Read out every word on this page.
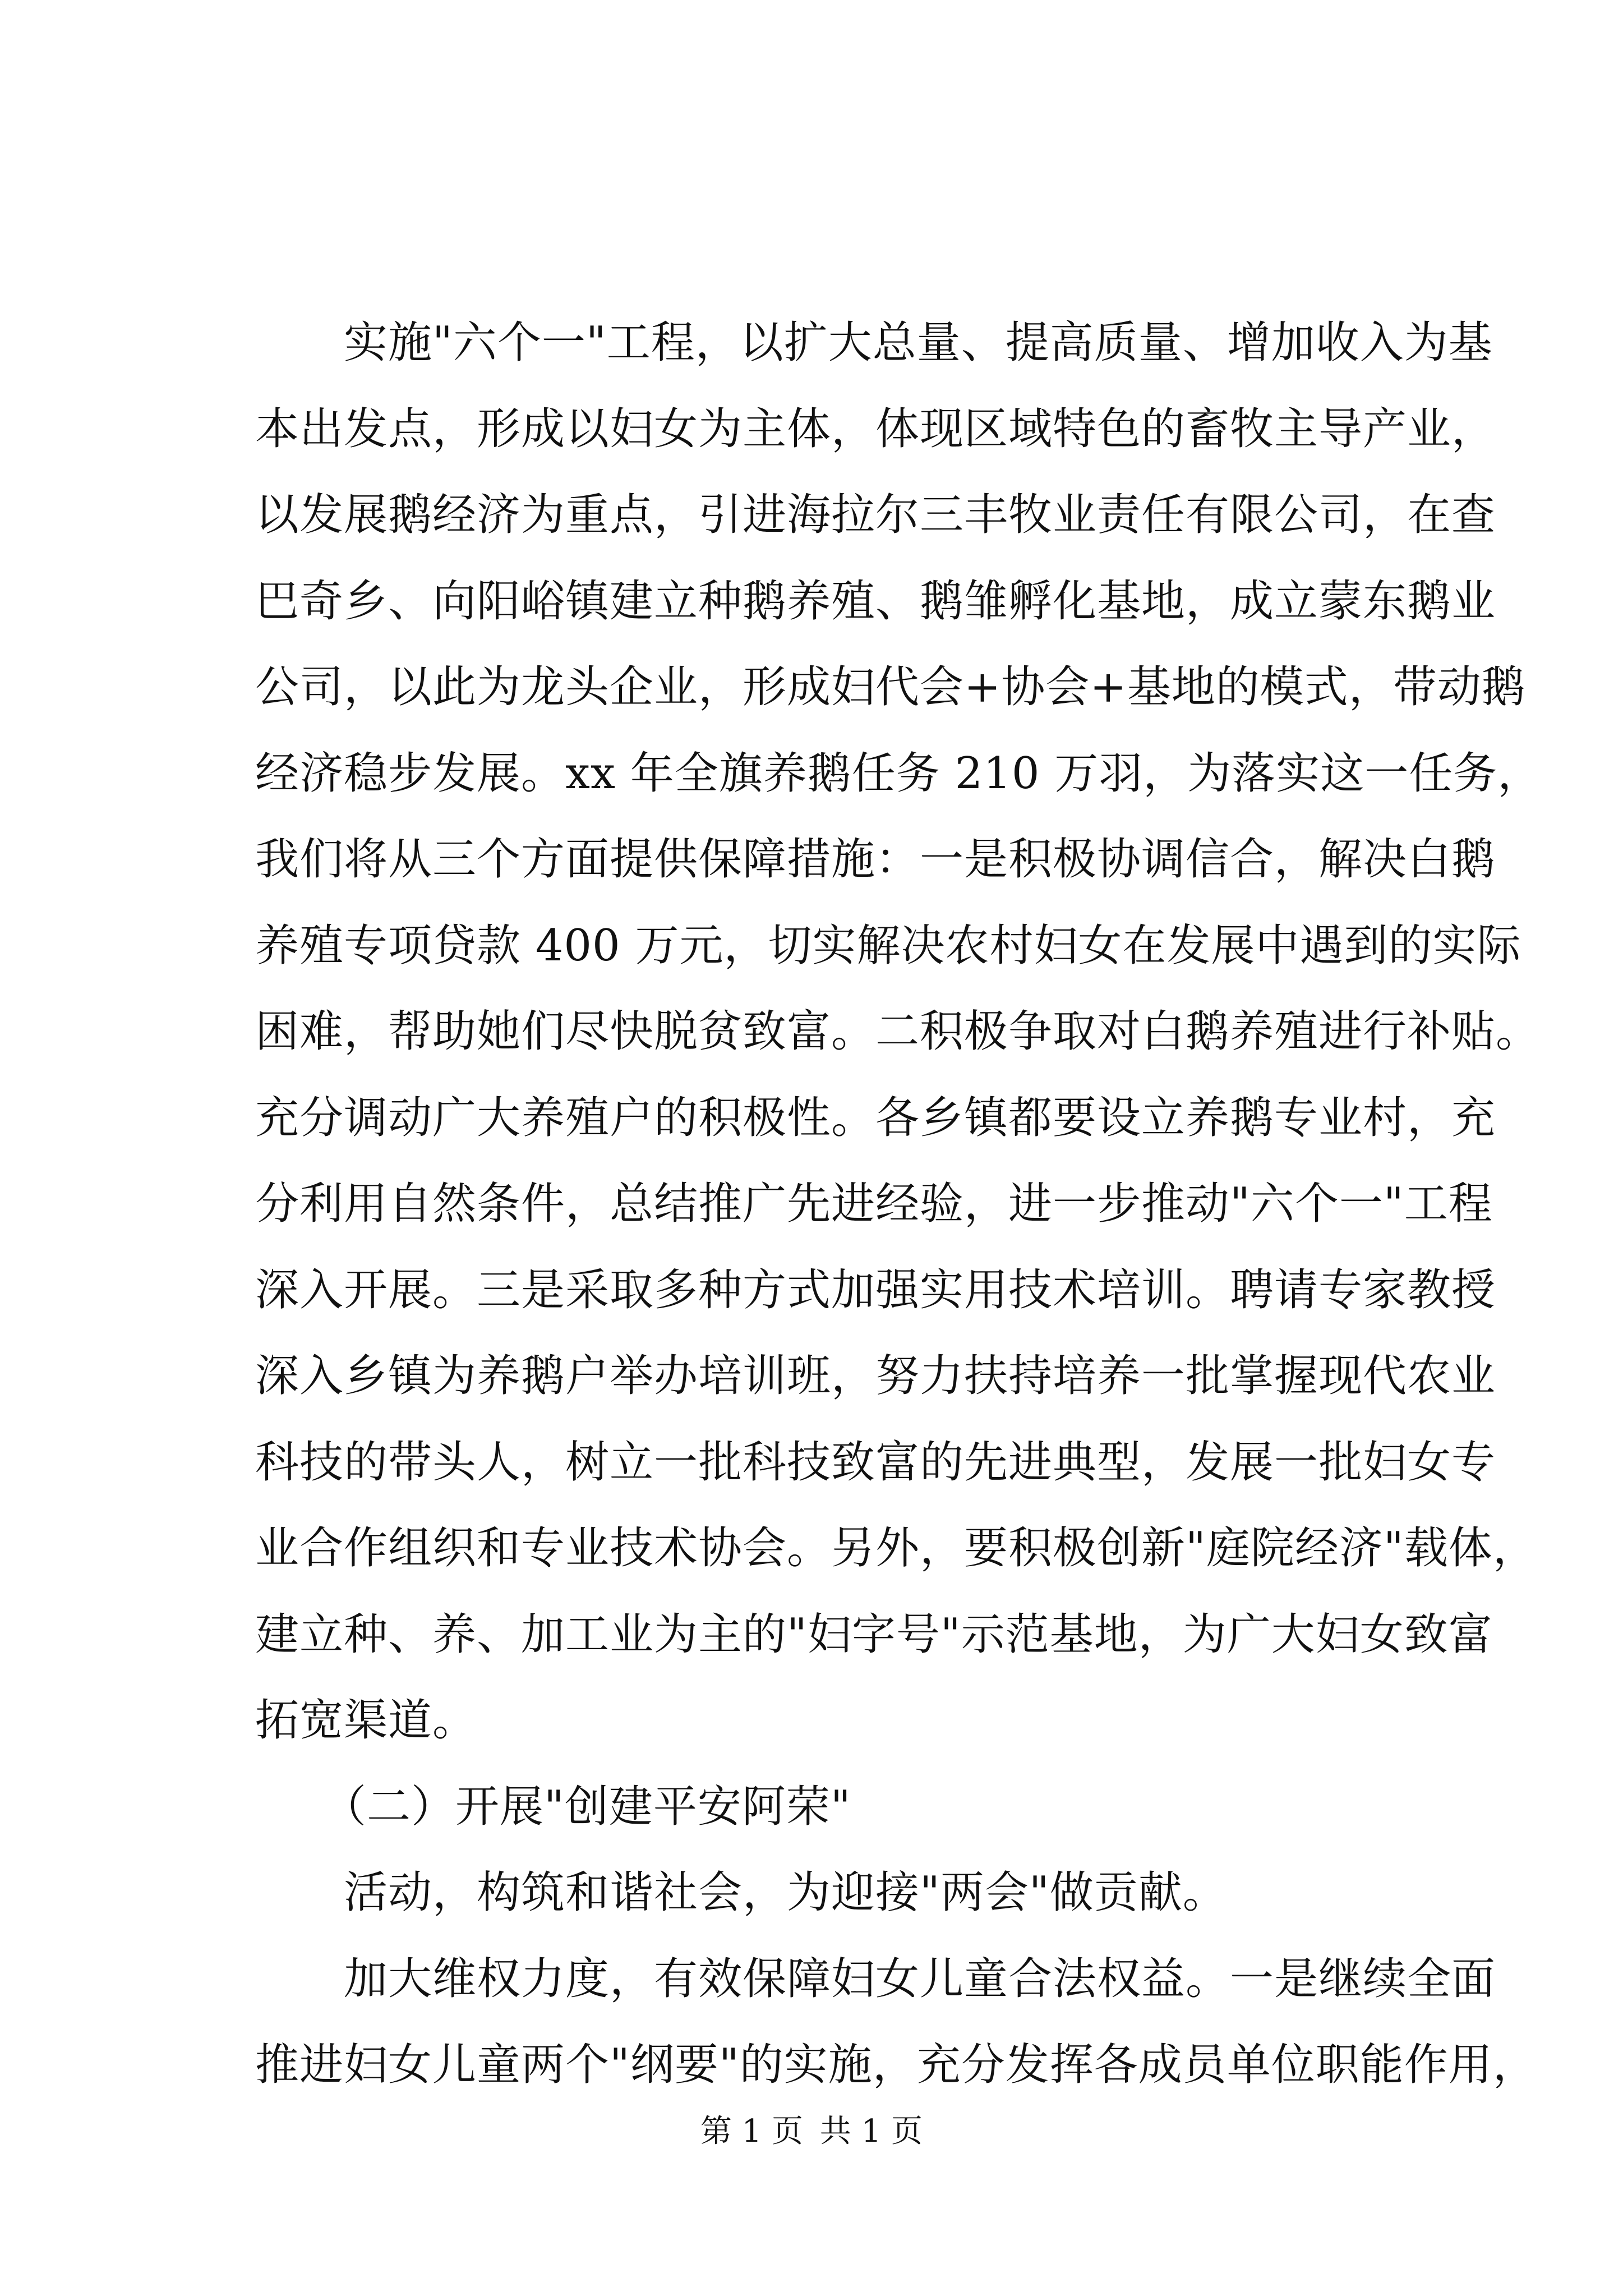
实施"六个一"工程，以扩大总量、提高质量、增加收入为基
本出发点，形成以妇女为主体，体现区域特色的畜牧主导产业，
以发展鹅经济为重点，引进海拉尔三丰牧业责任有限公司，在查
巴奇乡、向阳峪镇建立种鹅养殖、鹅雏孵化基地，成立蒙东鹅业
公司，以此为龙头企业，形成妇代会+协会+基地的模式，带动鹅
经济稳步发展。xx 年全旗养鹅任务 210 万羽，为落实这一任务，
我们将从三个方面提供保障措施：一是积极协调信合，解决白鹅
养殖专项贷款 400 万元，切实解决农村妇女在发展中遇到的实际
困难，帮助她们尽快脱贫致富。二积极争取对白鹅养殖进行补贴。
充分调动广大养殖户的积极性。各乡镇都要设立养鹅专业村，充
分利用自然条件，总结推广先进经验，进一步推动"六个一"工程
深入开展。三是采取多种方式加强实用技术培训。聘请专家教授
深入乡镇为养鹅户举办培训班，努力扶持培养一批掌握现代农业
科技的带头人，树立一批科技致富的先进典型，发展一批妇女专
业合作组织和专业技术协会。另外，要积极创新"庭院经济"载体，
建立种、养、加工业为主的"妇字号"示范基地，为广大妇女致富
拓宽渠道。
（二）开展"创建平安阿荣"
活动，构筑和谐社会，为迎接"两会"做贡献。
加大维权力度，有效保障妇女儿童合法权益。一是继续全面
推进妇女儿童两个"纲要"的实施，充分发挥各成员单位职能作用，
第 1 页 共 1 页
